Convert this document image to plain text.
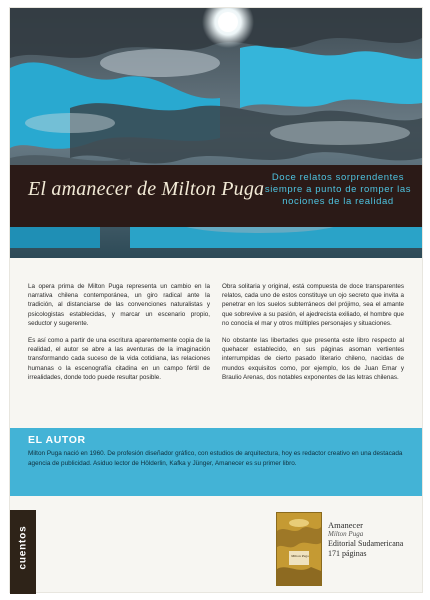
El amanecer de Milton Puga
Doce relatos sorprendentes siempre a punto de romper las nociones de la realidad

La opera prima de Milton Puga representa un cambio en la narrativa chilena contemporánea, un giro radical ante la tradición, al distanciarse de las convenciones naturalistas y psicologistas establecidas, y marcar un escenario propio, seductor y sugerente.

Es así como a partir de una escritura aparentemente copia de la realidad, el autor se abre a las aventuras de la imaginación transformando cada suceso de la vida cotidiana, las relaciones humanas o la escenografía citadina en un campo fértil de irrealidades, donde todo puede resultar posible.

Obra solitaria y original, está compuesta de doce transparentes relatos, cada uno de estos constituye un ojo secreto que invita a penetrar en los suelos subterráneos del prójimo, sea el amante que sobrevive a su pasión, el ajedrecista exiliado, el hombre que no conocía el mar y otros múltiples personajes y situaciones.

No obstante las libertades que presenta este libro respecto al quehacer establecido, en sus páginas asoman vertientes interrumpidas de cierto pasado literario chileno, nacidas de mundos exquisitos como, por ejemplo, los de Juan Emar y Braulio Arenas, dos notables exponentes de las letras chilenas.

EL AUTOR
Milton Puga nació en 1960. De profesión diseñador gráfico, con estudios de arquitectura, hoy es redactor creativo en una destacada agencia de publicidad. Asiduo lector de Hölderlin, Kafka y Jünger, Amanecer es su primer libro.
cuentos	Milton Puga
Amanecer
Milton Puga
Editorial Sudamericana
171 páginas
